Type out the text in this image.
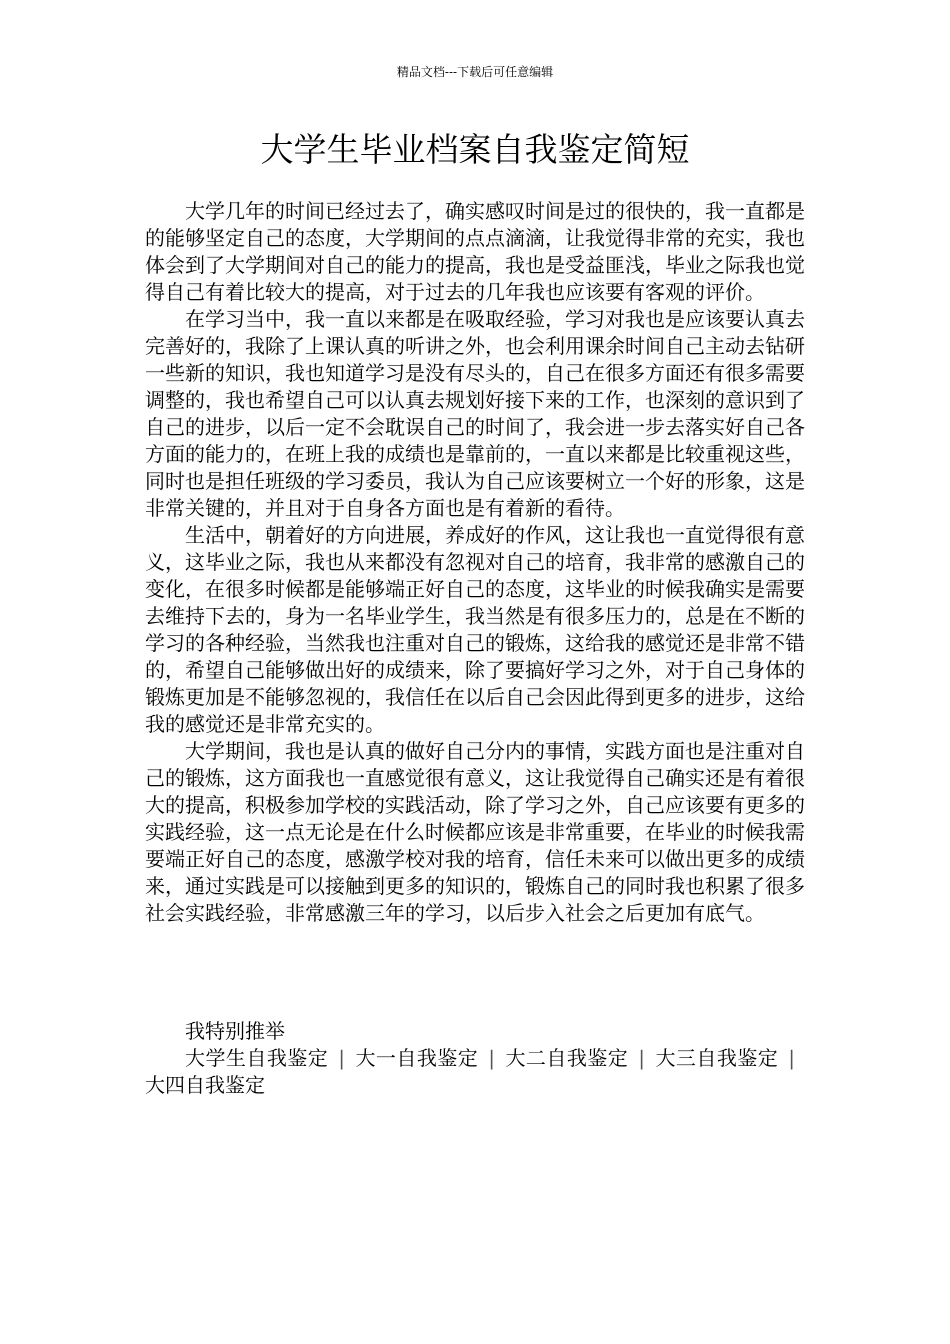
精品文档---下载后可任意编辑
大学生毕业档案自我鉴定简短

大学几年的时间已经过去了，确实感叹时间是过的很快的，我一直都是的能够坚定自己的态度，大学期间的点点滴滴，让我觉得非常的充实，我也体会到了大学期间对自己的能力的提高，我也是受益匪浅，毕业之际我也觉得自己有着比较大的提高，对于过去的几年我也应该要有客观的评价。

在学习当中，我一直以来都是在吸取经验，学习对我也是应该要认真去完善好的，我除了上课认真的听讲之外，也会利用课余时间自己主动去钻研一些新的知识，我也知道学习是没有尽头的，自己在很多方面还有很多需要调整的，我也希望自己可以认真去规划好接下来的工作，也深刻的意识到了自己的进步，以后一定不会耽误自己的时间了，我会进一步去落实好自己各方面的能力的，在班上我的成绩也是靠前的，一直以来都是比较重视这些，同时也是担任班级的学习委员，我认为自己应该要树立一个好的形象，这是非常关键的，并且对于自身各方面也是有着新的看待。

生活中，朝着好的方向进展，养成好的作风，这让我也一直觉得很有意义，这毕业之际，我也从来都没有忽视对自己的培育，我非常的感激自己的变化，在很多时候都是能够端正好自己的态度，这毕业的时候我确实是需要去维持下去的，身为一名毕业学生，我当然是有很多压力的，总是在不断的学习的各种经验，当然我也注重对自己的锻炼，这给我的感觉还是非常不错的，希望自己能够做出好的成绩来，除了要搞好学习之外，对于自己身体的锻炼更加是不能够忽视的，我信任在以后自己会因此得到更多的进步，这给我的感觉还是非常充实的。

大学期间，我也是认真的做好自己分内的事情，实践方面也是注重对自己的锻炼，这方面我也一直感觉很有意义，这让我觉得自己确实还是有着很大的提高，积极参加学校的实践活动，除了学习之外，自己应该要有更多的实践经验，这一点无论是在什么时候都应该是非常重要，在毕业的时候我需要端正好自己的态度，感激学校对我的培育，信任未来可以做出更多的成绩来，通过实践是可以接触到更多的知识的，锻炼自己的同时我也积累了很多社会实践经验，非常感激三年的学习，以后步入社会之后更加有底气。

我特别推举

大学生自我鉴定 | 大一自我鉴定 | 大二自我鉴定 | 大三自我鉴定 |大四自我鉴定
